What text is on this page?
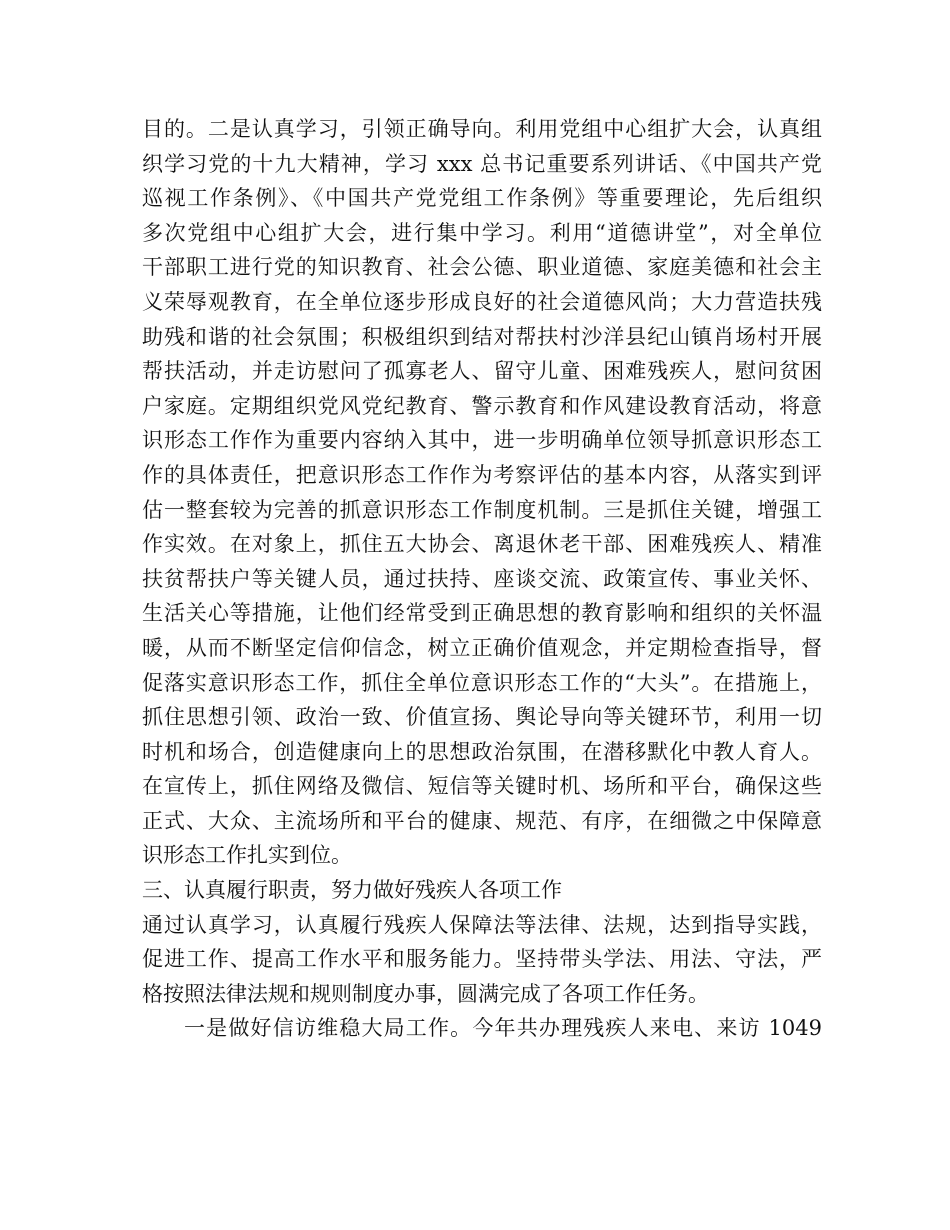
目的。二是认真学习，引领正确导向。利用党组中心组扩大会，认真组
织学习党的十九大精神，学习 xxx 总书记重要系列讲话、《中国共产党
巡视工作条例》、《中国共产党党组工作条例》等重要理论，先后组织
多次党组中心组扩大会，进行集中学习。利用“道德讲堂”，对全单位
干部职工进行党的知识教育、社会公德、职业道德、家庭美德和社会主
义荣辱观教育，在全单位逐步形成良好的社会道德风尚；大力营造扶残
助残和谐的社会氛围；积极组织到结对帮扶村沙洋县纪山镇肖场村开展
帮扶活动，并走访慰问了孤寡老人、留守儿童、困难残疾人，慰问贫困
户家庭。定期组织党风党纪教育、警示教育和作风建设教育活动，将意
识形态工作作为重要内容纳入其中，进一步明确单位领导抓意识形态工
作的具体责任，把意识形态工作作为考察评估的基本内容，从落实到评
估一整套较为完善的抓意识形态工作制度机制。三是抓住关键，增强工
作实效。在对象上，抓住五大协会、离退休老干部、困难残疾人、精准
扶贫帮扶户等关键人员，通过扶持、座谈交流、政策宣传、事业关怀、
生活关心等措施，让他们经常受到正确思想的教育影响和组织的关怀温
暖，从而不断坚定信仰信念，树立正确价值观念，并定期检查指导，督
促落实意识形态工作，抓住全单位意识形态工作的“大头”。在措施上，
抓住思想引领、政治一致、价值宣扬、舆论导向等关键环节，利用一切
时机和场合，创造健康向上的思想政治氛围，在潜移默化中教人育人。
在宣传上，抓住网络及微信、短信等关键时机、场所和平台，确保这些
正式、大众、主流场所和平台的健康、规范、有序，在细微之中保障意
识形态工作扎实到位。
三、认真履行职责，努力做好残疾人各项工作
通过认真学习，认真履行残疾人保障法等法律、法规，达到指导实践，
促进工作、提高工作水平和服务能力。坚持带头学法、用法、守法，严
格按照法律法规和规则制度办事，圆满完成了各项工作任务。
一是做好信访维稳大局工作。今年共办理残疾人来电、来访 1049
